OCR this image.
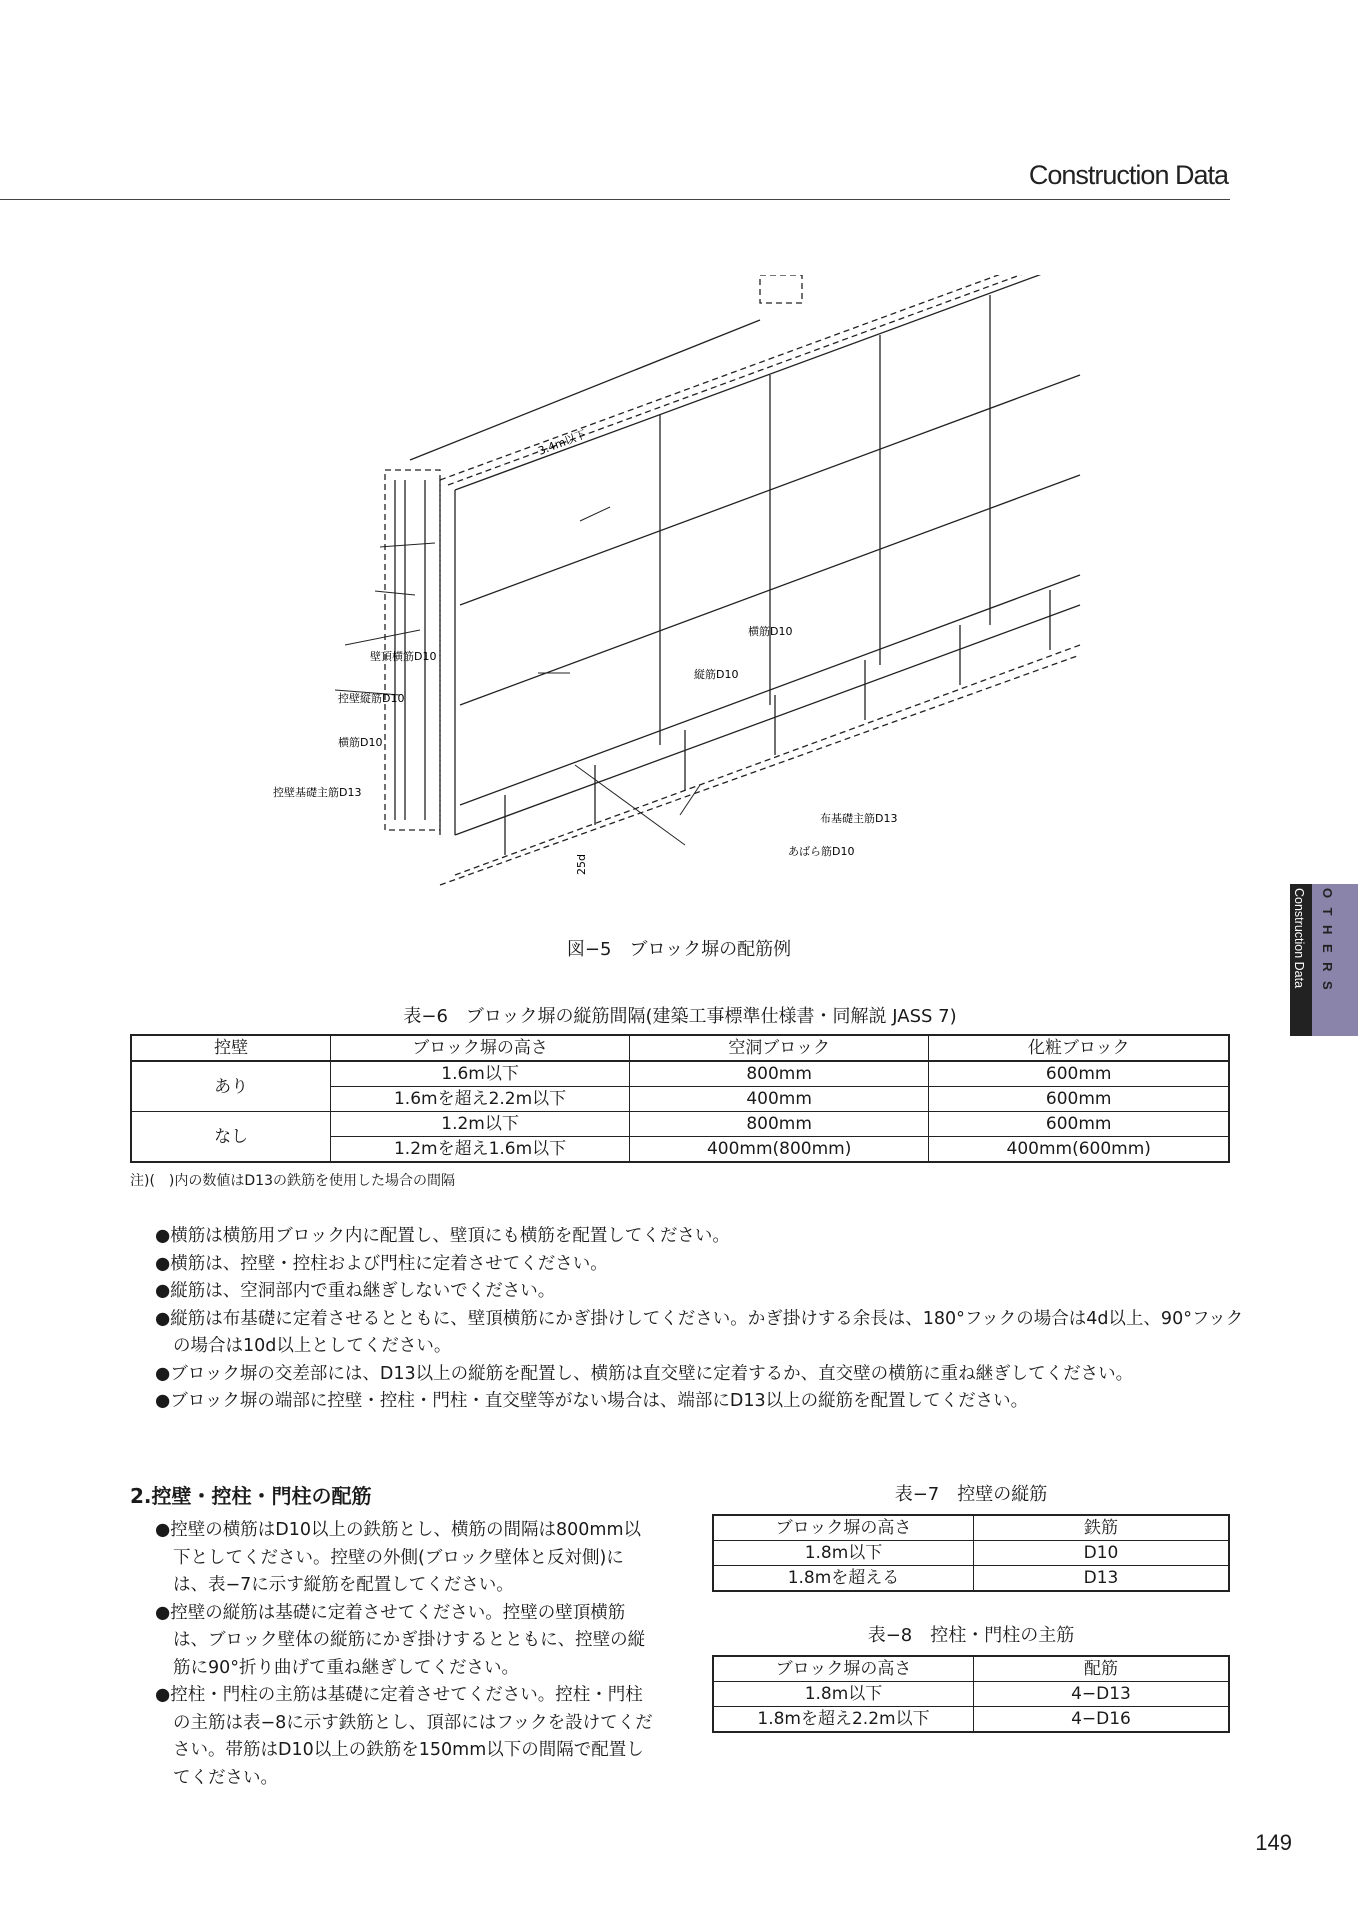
Construction Data
Construction Data OTHERS
3.4m以下
壁頂横筋D10
控壁縦筋D10
横筋D10
控壁基礎主筋D13
横筋D10
縦筋D10
布基礎主筋D13
あばら筋D10
25d
図−5　ブロック塀の配筋例
表−6　ブロック塀の縦筋間隔(建築工事標準仕様書・同解説 JASS 7)
控壁	ブロック塀の高さ	空洞ブロック	化粧ブロック
あり	1.6m以下	800mm	600mm
	1.6mを超え2.2m以下	400mm	600mm
なし	1.2m以下	800mm	600mm
	1.2mを超え1.6m以下	400mm(800mm)	400mm(600mm)
注)(　)内の数値はD13の鉄筋を使用した場合の間隔
●横筋は横筋用ブロック内に配置し、壁頂にも横筋を配置してください。
●横筋は、控壁・控柱および門柱に定着させてください。
●縦筋は、空洞部内で重ね継ぎしないでください。
●縦筋は布基礎に定着させるとともに、壁頂横筋にかぎ掛けしてください。かぎ掛けする余長は、180°フックの場合は4d以上、90°フックの場合は10d以上としてください。
●ブロック塀の交差部には、D13以上の縦筋を配置し、横筋は直交壁に定着するか、直交壁の横筋に重ね継ぎしてください。
●ブロック塀の端部に控壁・控柱・門柱・直交壁等がない場合は、端部にD13以上の縦筋を配置してください。
2.控壁・控柱・門柱の配筋
●控壁の横筋はD10以上の鉄筋とし、横筋の間隔は800mm以下としてください。控壁の外側(ブロック壁体と反対側)には、表−7に示す縦筋を配置してください。
●控壁の縦筋は基礎に定着させてください。控壁の壁頂横筋は、ブロック壁体の縦筋にかぎ掛けするとともに、控壁の縦筋に90°折り曲げて重ね継ぎしてください。
●控柱・門柱の主筋は基礎に定着させてください。控柱・門柱の主筋は表−8に示す鉄筋とし、頂部にはフックを設けてください。帯筋はD10以上の鉄筋を150mm以下の間隔で配置してください。
表−7　控壁の縦筋
ブロック塀の高さ	鉄筋
1.8m以下	D10
1.8mを超える	D13
表−8　控柱・門柱の主筋
ブロック塀の高さ	配筋
1.8m以下	4−D13
1.8mを超え2.2m以下	4−D16
149
